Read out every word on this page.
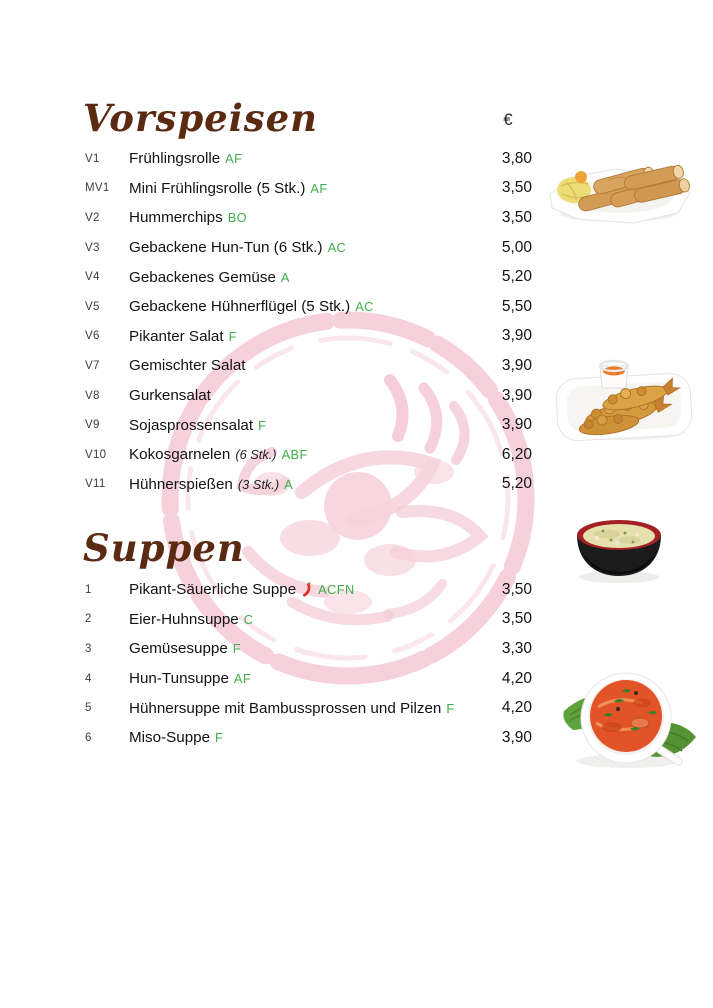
Vorspeisen
Suppen
€
V1	Frühlingsrolle AF	3,80
MV1	Mini Frühlingsrolle (5 Stk.) AF	3,50
V2	Hummerchips BO	3,50
V3	Gebackene Hun-Tun (6 Stk.) AC	5,00
V4	Gebackenes Gemüse A	5,20
V5	Gebackene Hühnerflügel (5 Stk.) AC	5,50
V6	Pikanter Salat F	3,90
V7	Gemischter Salat	3,90
V8	Gurkensalat	3,90
V9	Sojasprossensalat F	3,90
V10	Kokosgarnelen (6 Stk.) ABF	6,20
V11	Hühnerspießen (3 Stk.) A	5,20
1	Pikant-Säuerliche Suppe ACFN	3,50
2	Eier-Huhnsuppe C	3,50
3	Gemüsesuppe F	3,30
4	Hun-Tunsuppe AF	4,20
5	Hühnersuppe mit Bambussprossen und Pilzen F	4,20
6	Miso-Suppe F	3,90
